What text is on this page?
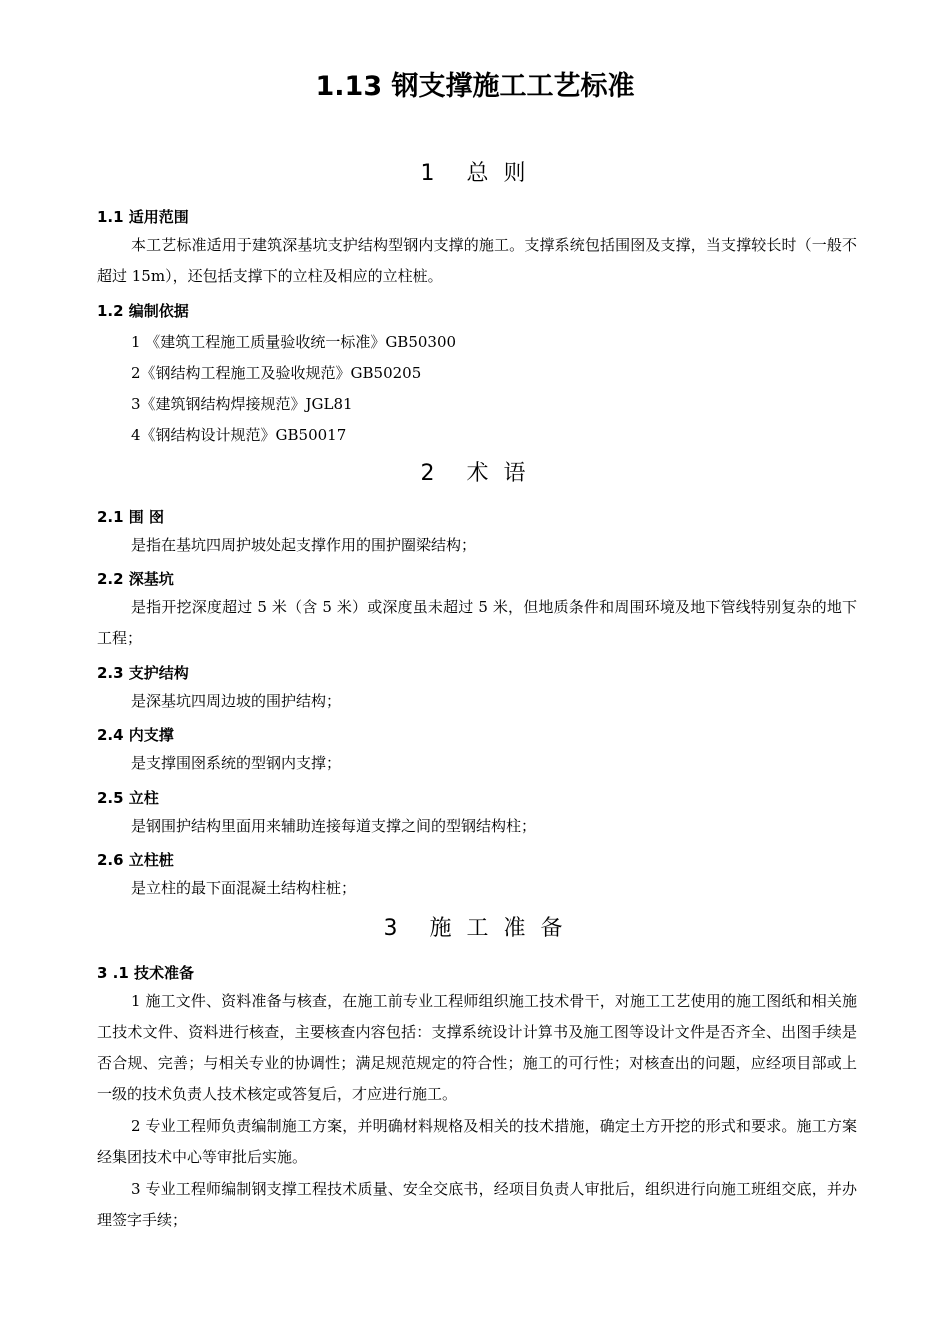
1.13 钢支撑施工工艺标准
1 总 则
1.1 适用范围
本工艺标准适用于建筑深基坑支护结构型钢内支撑的施工。支撑系统包括围囹及支撑，当支撑较长时（一般不超过 15m），还包括支撑下的立柱及相应的立柱桩。
1.2 编制依据
1 《建筑工程施工质量验收统一标准》GB50300
2《钢结构工程施工及验收规范》GB50205
3《建筑钢结构焊接规范》JGL81
4《钢结构设计规范》GB50017
2 术 语
2.1 围 囹
是指在基坑四周护坡处起支撑作用的围护圈梁结构；
2.2 深基坑
是指开挖深度超过 5 米（含 5 米）或深度虽未超过 5 米，但地质条件和周围环境及地下管线特别复杂的地下工程；
2.3 支护结构
是深基坑四周边坡的围护结构；
2.4 内支撑
是支撑围囹系统的型钢内支撑；
2.5 立柱
是钢围护结构里面用来辅助连接每道支撑之间的型钢结构柱；
2.6 立柱桩
是立柱的最下面混凝土结构柱桩；
3 施 工 准 备
3 .1 技术准备
1 施工文件、资料准备与核查，在施工前专业工程师组织施工技术骨干，对施工工艺使用的施工图纸和相关施工技术文件、资料进行核查，主要核查内容包括：支撑系统设计计算书及施工图等设计文件是否齐全、出图手续是否合规、完善；与相关专业的协调性；满足规范规定的符合性；施工的可行性；对核查出的问题，应经项目部或上一级的技术负责人技术核定或答复后，才应进行施工。
2 专业工程师负责编制施工方案，并明确材料规格及相关的技术措施，确定土方开挖的形式和要求。施工方案经集团技术中心等审批后实施。
3 专业工程师编制钢支撑工程技术质量、安全交底书，经项目负责人审批后，组织进行向施工班组交底，并办理签字手续；
